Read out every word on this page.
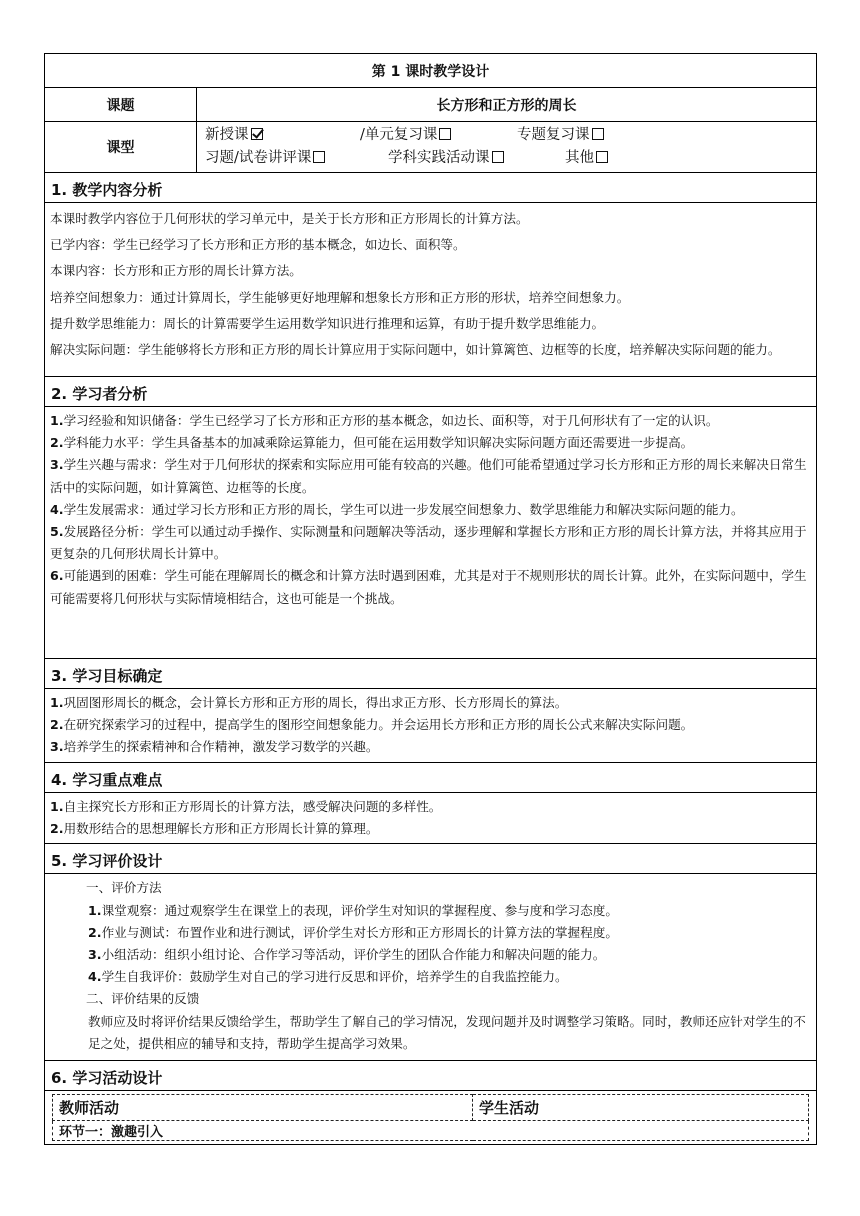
第 1 课时教学设计
课题	长方形和正方形的周长
课型	
新授课	/单元复习课	专题复习课
习题/试卷讲评课	学科实践活动课	其他

1. 教学内容分析

本课时教学内容位于几何形状的学习单元中，是关于长方形和正方形周长的计算方法。

已学内容：学生已经学习了长方形和正方形的基本概念，如边长、面积等。

本课内容：长方形和正方形的周长计算方法。

培养空间想象力：通过计算周长，学生能够更好地理解和想象长方形和正方形的形状，培养空间想象力。

提升数学思维能力：周长的计算需要学生运用数学知识进行推理和运算，有助于提升数学思维能力。

解决实际问题：学生能够将长方形和正方形的周长计算应用于实际问题中，如计算篱笆、边框等的长度，培养解决实际问题的能力。

2. 学习者分析

1.学习经验和知识储备：学生已经学习了长方形和正方形的基本概念，如边长、面积等，对于几何形状有了一定的认识。

2.学科能力水平：学生具备基本的加减乘除运算能力，但可能在运用数学知识解决实际问题方面还需要进一步提高。

3.学生兴趣与需求：学生对于几何形状的探索和实际应用可能有较高的兴趣。他们可能希望通过学习长方形和正方形的周长来解决日常生活中的实际问题，如计算篱笆、边框等的长度。

4.学生发展需求：通过学习长方形和正方形的周长，学生可以进一步发展空间想象力、数学思维能力和解决实际问题的能力。

5.发展路径分析：学生可以通过动手操作、实际测量和问题解决等活动，逐步理解和掌握长方形和正方形的周长计算方法，并将其应用于更复杂的几何形状周长计算中。

6.可能遇到的困难：学生可能在理解周长的概念和计算方法时遇到困难，尤其是对于不规则形状的周长计算。此外，在实际问题中，学生可能需要将几何形状与实际情境相结合，这也可能是一个挑战。

3. 学习目标确定

1.巩固图形周长的概念，会计算长方形和正方形的周长，得出求正方形、长方形周长的算法。

2.在研究探索学习的过程中，提高学生的图形空间想象能力。并会运用长方形和正方形的周长公式来解决实际问题。

3.培养学生的探索精神和合作精神，激发学习数学的兴趣。

4. 学习重点难点

1.自主探究长方形和正方形周长的计算方法，感受解决问题的多样性。

2.用数形结合的思想理解长方形和正方形周长计算的算理。

5. 学习评价设计

一、评价方法

1.课堂观察：通过观察学生在课堂上的表现，评价学生对知识的掌握程度、参与度和学习态度。

2.作业与测试：布置作业和进行测试，评价学生对长方形和正方形周长的计算方法的掌握程度。

3.小组活动：组织小组讨论、合作学习等活动，评价学生的团队合作能力和解决问题的能力。

4.学生自我评价：鼓励学生对自己的学习进行反思和评价，培养学生的自我监控能力。

二、评价结果的反馈

教师应及时将评价结果反馈给学生，帮助学生了解自己的学习情况，发现问题并及时调整学习策略。同时，教师还应针对学生的不足之处，提供相应的辅导和支持，帮助学生提高学习效果。

6. 学习活动设计

教师活动	学生活动
环节一：激趣引入
